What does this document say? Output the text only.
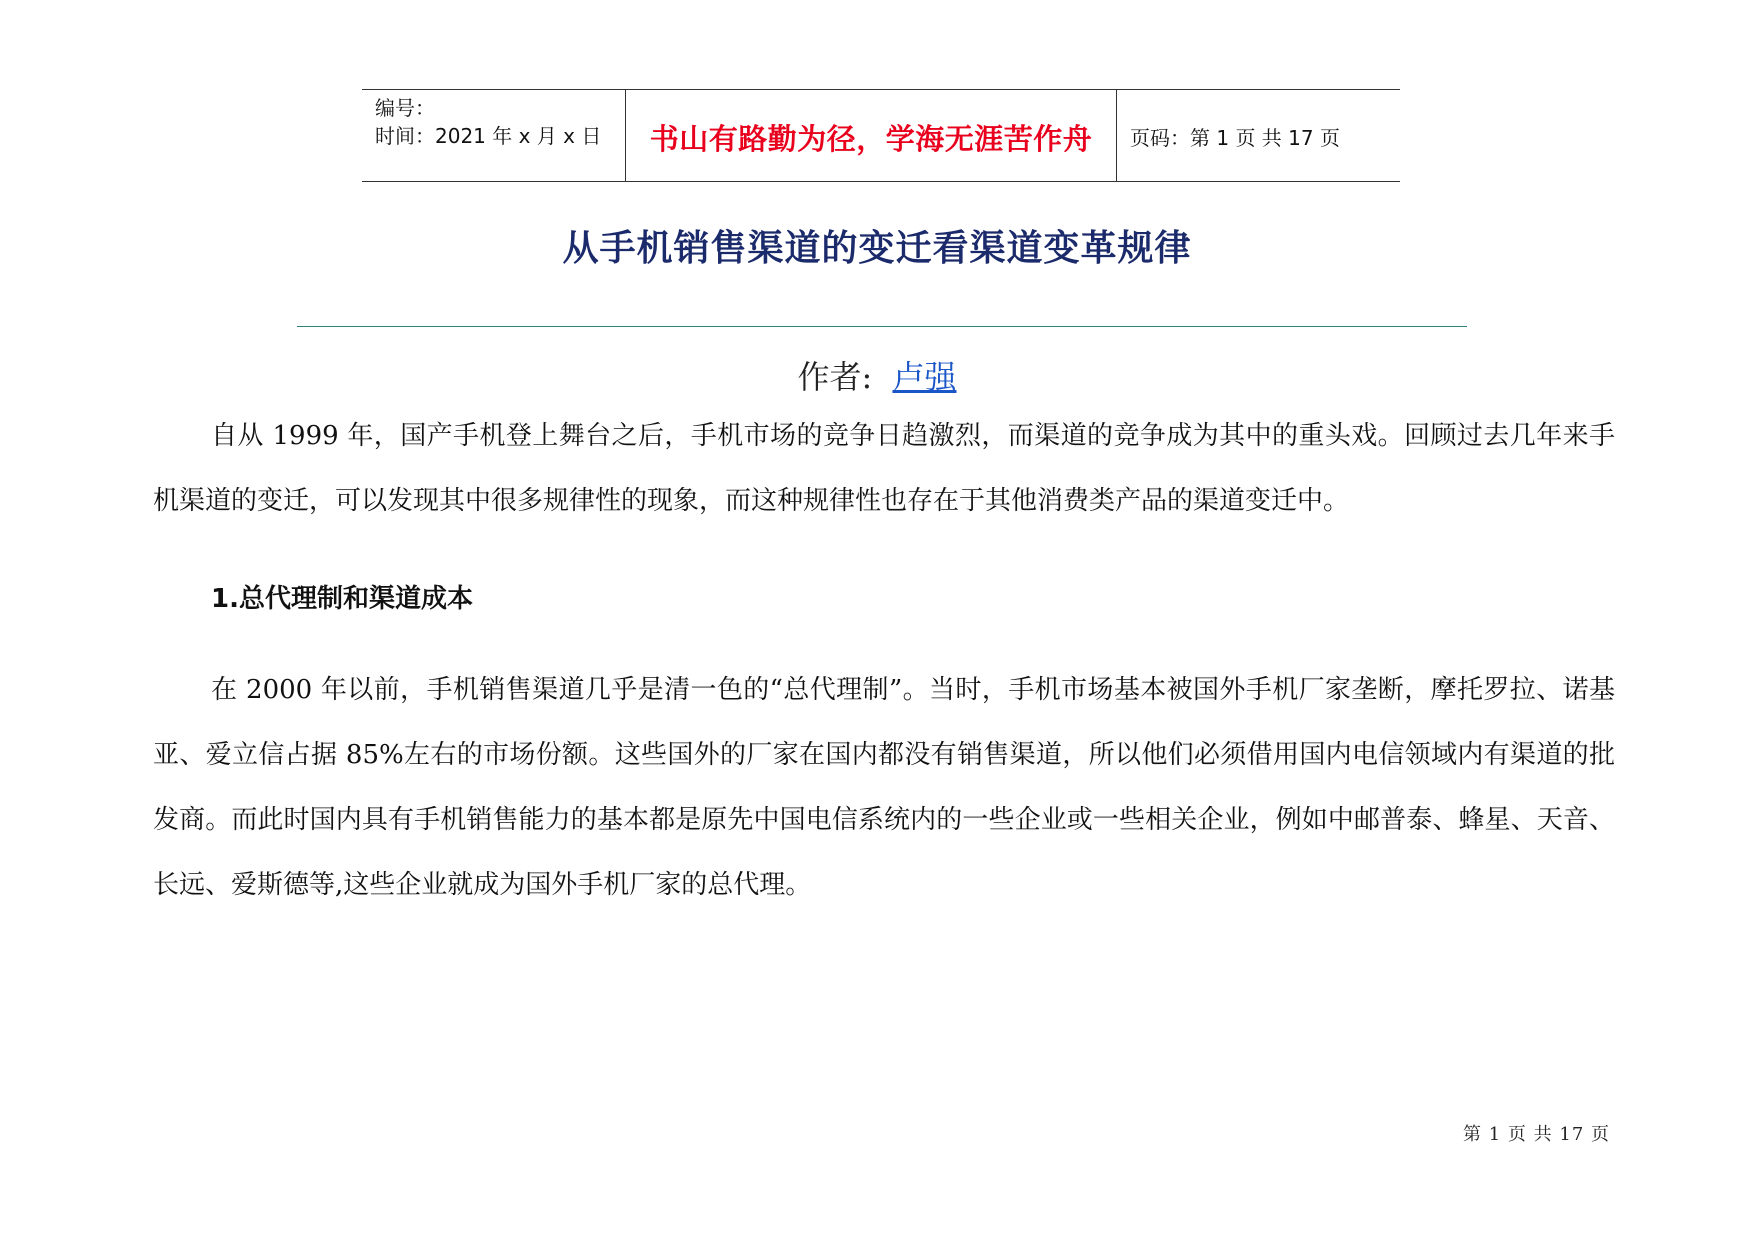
编号：
时间：2021 年 x 月 x 日	书山有路勤为径，学海无涯苦作舟 页码：第 1 页 共 17 页
从手机销售渠道的变迁看渠道变革规律
作者: 卢强
自从 1999 年，国产手机登上舞台之后，手机市场的竞争日趋激烈，而渠道的竞争成为其中的重头戏。回顾过去几年来手机渠道的变迁，可以发现其中很多规律性的现象，而这种规律性也存在于其他消费类产品的渠道变迁中。
1.总代理制和渠道成本
在 2000 年以前，手机销售渠道几乎是清一色的“总代理制”。当时，手机市场基本被国外手机厂家垄断，摩托罗拉、诺基亚、爱立信占据 85%左右的市场份额。这些国外的厂家在国内都没有销售渠道，所以他们必须借用国内电信领域内有渠道的批发商。而此时国内具有手机销售能力的基本都是原先中国电信系统内的一些企业或一些相关企业，例如中邮普泰、蜂星、天音、长远、爱斯德等,这些企业就成为国外手机厂家的总代理。
第 1 页 共 17 页
